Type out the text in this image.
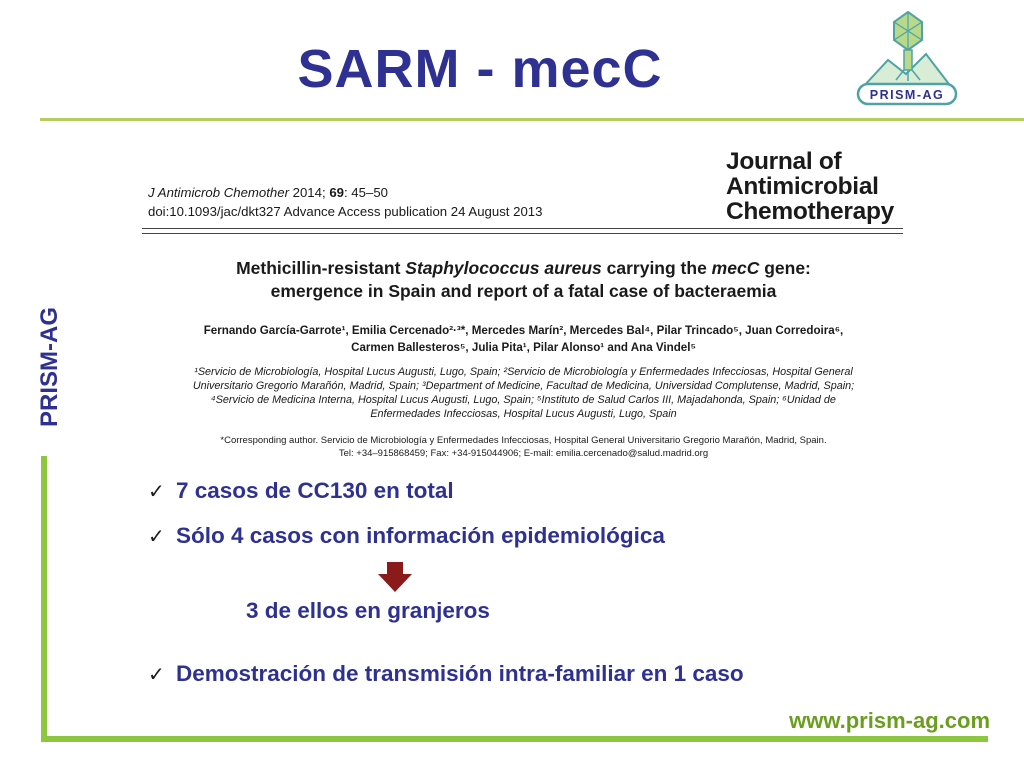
SARM - mecC	PRISM-AG
PRISM-AG
www.prism-ag.com
J Antimicrob Chemother 2014; 69: 45–50
doi:10.1093/jac/dkt327 Advance Access publication 24 August 2013
Journal of
Antimicrobial
Chemotherapy
Methicillin-resistant Staphylococcus aureus carrying the mecC gene:
emergence in Spain and report of a fatal case of bacteraemia
Fernando García-Garrote¹, Emilia Cercenado²·³*, Mercedes Marín², Mercedes Bal⁴, Pilar Trincado⁵, Juan Corredoira⁶,
Carmen Ballesteros⁵, Julia Pita¹, Pilar Alonso¹ and Ana Vindel⁵
¹Servicio de Microbiología, Hospital Lucus Augusti, Lugo, Spain; ²Servicio de Microbiología y Enfermedades Infecciosas, Hospital General
Universitario Gregorio Marañón, Madrid, Spain; ³Department of Medicine, Facultad de Medicina, Universidad Complutense, Madrid, Spain;
⁴Servicio de Medicina Interna, Hospital Lucus Augusti, Lugo, Spain; ⁵Instituto de Salud Carlos III, Majadahonda, Spain; ⁶Unidad de
Enfermedades Infecciosas, Hospital Lucus Augusti, Lugo, Spain
*Corresponding author. Servicio de Microbiología y Enfermedades Infecciosas, Hospital General Universitario Gregorio Marañón, Madrid, Spain.
Tel: +34–915868459; Fax: +34-915044906; E-mail: emilia.cercenado@salud.madrid.org
✓ 7 casos de CC130 en total
✓ Sólo 4 casos con información epidemiológica
3 de ellos en granjeros
✓ Demostración de transmisión intra-familiar en 1 caso
